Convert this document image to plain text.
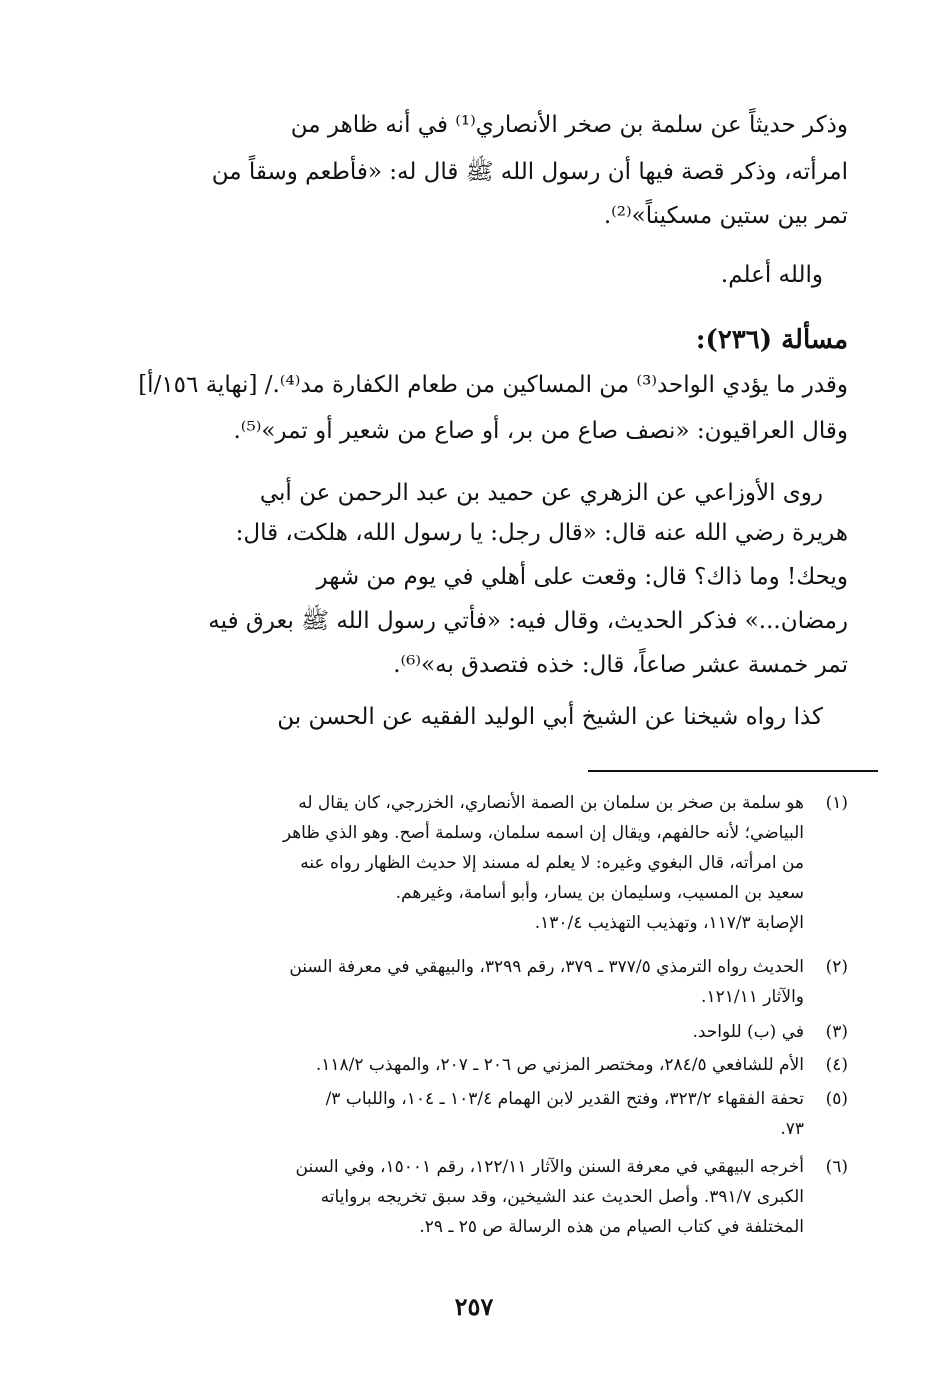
وذكر حديثاً عن سلمة بن صخر الأنصاري⁽¹⁾ في أنه ظاهر من
امرأته، وذكر قصة فيها أن رسول الله ﷺ قال له: «فأطعم وسقاً من
تمر بين ستين مسكيناً»⁽²⁾.
والله أعلم.
مسألة (٢٣٦):
وقدر ما يؤدي الواحد⁽³⁾ من المساكين من طعام الكفارة مد⁽⁴⁾./ [نهاية ١٥٦/أ]
وقال العراقيون: «نصف صاع من بر، أو صاع من شعير أو تمر»⁽⁵⁾.
روى الأوزاعي عن الزهري عن حميد بن عبد الرحمن عن أبي
هريرة رضي الله عنه قال: «قال رجل: يا رسول الله، هلكت، قال:
ويحك! وما ذاك؟ قال: وقعت على أهلي في يوم من شهر
رمضان...» فذكر الحديث، وقال فيه: «فأتي رسول الله ﷺ بعرق فيه
تمر خمسة عشر صاعاً، قال: خذه فتصدق به»⁽⁶⁾.
كذا رواه شيخنا عن الشيخ أبي الوليد الفقيه عن الحسن بن
(١)
هو سلمة بن صخر بن سلمان بن الصمة الأنصاري، الخزرجي، كان يقال له
البياضي؛ لأنه حالفهم، ويقال إن اسمه سلمان، وسلمة أصح. وهو الذي ظاهر
من امرأته، قال البغوي وغيره: لا يعلم له مسند إلا حديث الظهار رواه عنه
سعيد بن المسيب، وسليمان بن يسار، وأبو أسامة، وغيرهم.
الإصابة ١١٧/٣، وتهذيب التهذيب ١٣٠/٤.
(٢)
الحديث رواه الترمذي ٣٧٧/٥ ـ ٣٧٩، رقم ٣٢٩٩، والبيهقي في معرفة السنن
والآثار ١٢١/١١.
(٣)
في (ب) للواحد.
(٤)
الأم للشافعي ٢٨٤/٥، ومختصر المزني ص ٢٠٦ ـ ٢٠٧، والمهذب ١١٨/٢.
(٥)
تحفة الفقهاء ٣٢٣/٢، وفتح القدير لابن الهمام ١٠٣/٤ ـ ١٠٤، واللباب ٣/
٧٣.
(٦)
أخرجه البيهقي في معرفة السنن والآثار ١٢٢/١١، رقم ١٥٠٠١، وفي السنن
الكبرى ٣٩١/٧. وأصل الحديث عند الشيخين، وقد سبق تخريجه برواياته
المختلفة في كتاب الصيام من هذه الرسالة ص ٢٥ ـ ٢٩.
٢٥٧
